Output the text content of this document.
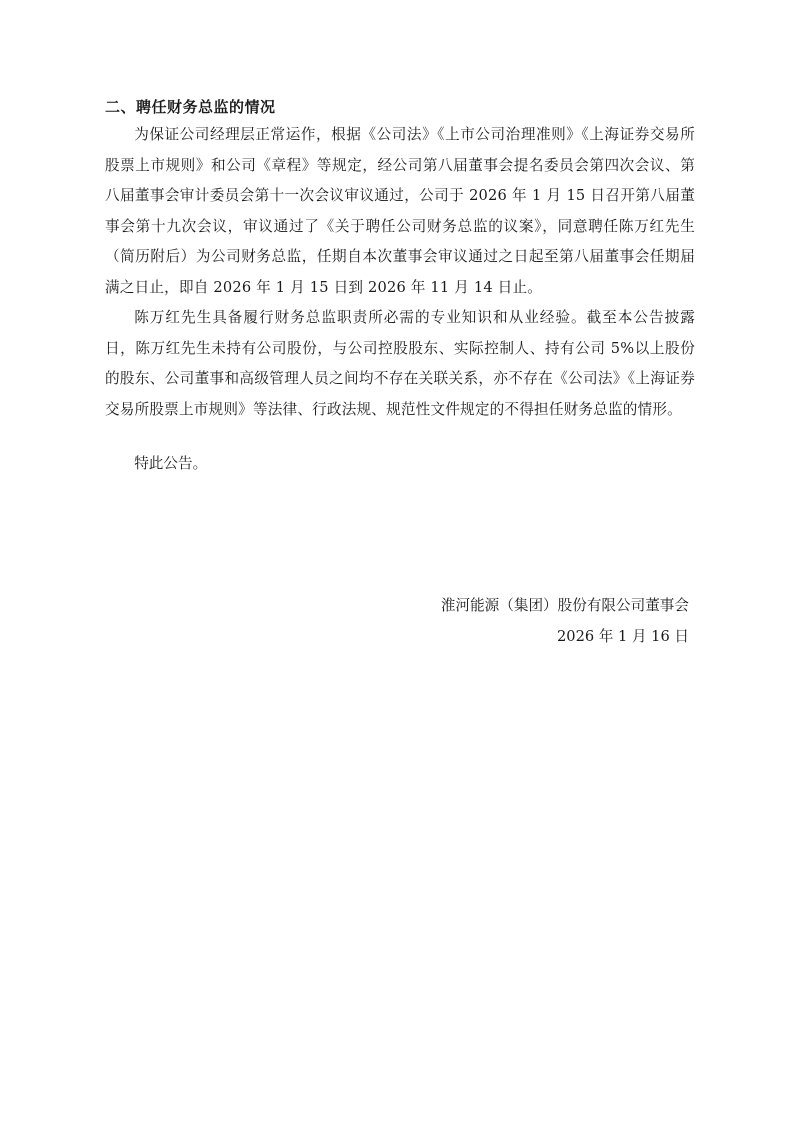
二、聘任财务总监的情况

为保证公司经理层正常运作，根据《公司法》《上市公司治理准则》《上海证券交易所股票上市规则》和公司《章程》等规定，经公司第八届董事会提名委员会第四次会议、第八届董事会审计委员会第十一次会议审议通过，公司于 2026 年 1 月 15 日召开第八届董事会第十九次会议，审议通过了《关于聘任公司财务总监的议案》，同意聘任陈万红先生（简历附后）为公司财务总监，任期自本次董事会审议通过之日起至第八届董事会任期届满之日止，即自 2026 年 1 月 15 日到 2026 年 11 月 14 日止。

陈万红先生具备履行财务总监职责所必需的专业知识和从业经验。截至本公告披露日，陈万红先生未持有公司股份，与公司控股股东、实际控制人、持有公司 5%以上股份的股东、公司董事和高级管理人员之间均不存在关联关系，亦不存在《公司法》《上海证券交易所股票上市规则》等法律、行政法规、规范性文件规定的不得担任财务总监的情形。

特此公告。

淮河能源（集团）股份有限公司董事会
2026 年 1 月 16 日
